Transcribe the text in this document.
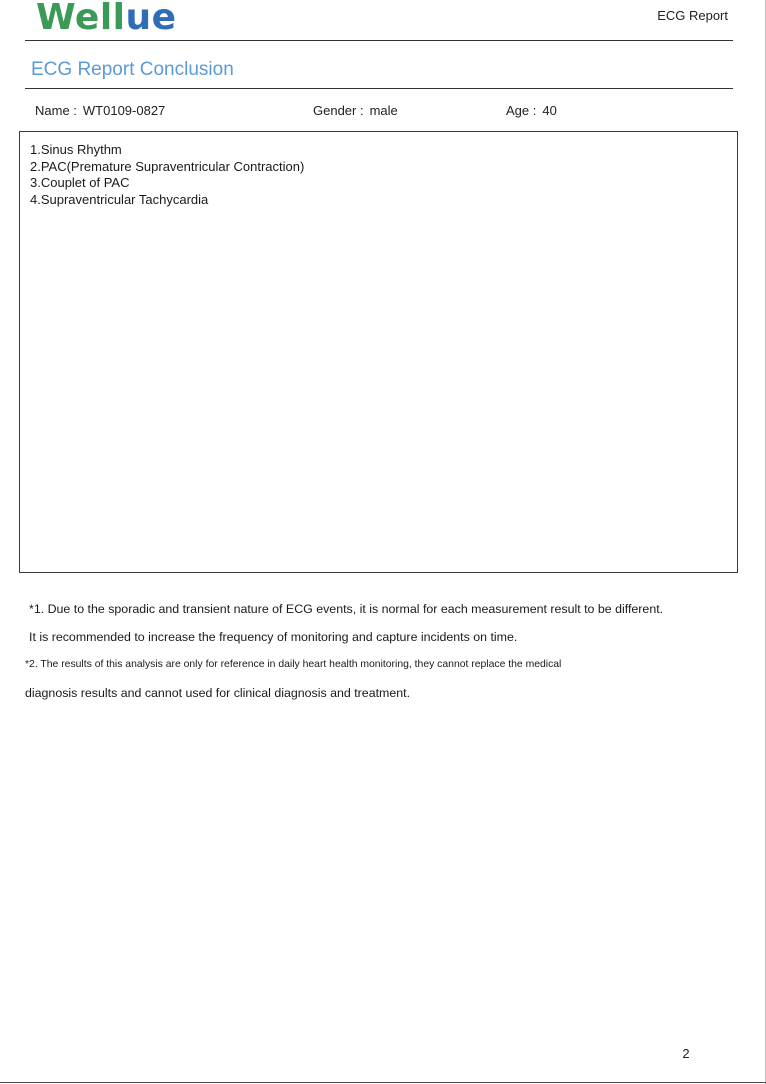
Wellue	ECG Report
ECG Report Conclusion
Name : WT0109-0827	Gender : male	Age : 40
1.Sinus Rhythm
2.PAC(Premature Supraventricular Contraction)
3.Couplet of PAC
4.Supraventricular Tachycardia
*1. Due to the sporadic and transient nature of ECG events, it is normal for each measurement result to be different.
It is recommended to increase the frequency of monitoring and capture incidents on time.
*2. The results of this analysis are only for reference in daily heart health monitoring, they cannot replace the medical
diagnosis results and cannot used for clinical diagnosis and treatment.
2
